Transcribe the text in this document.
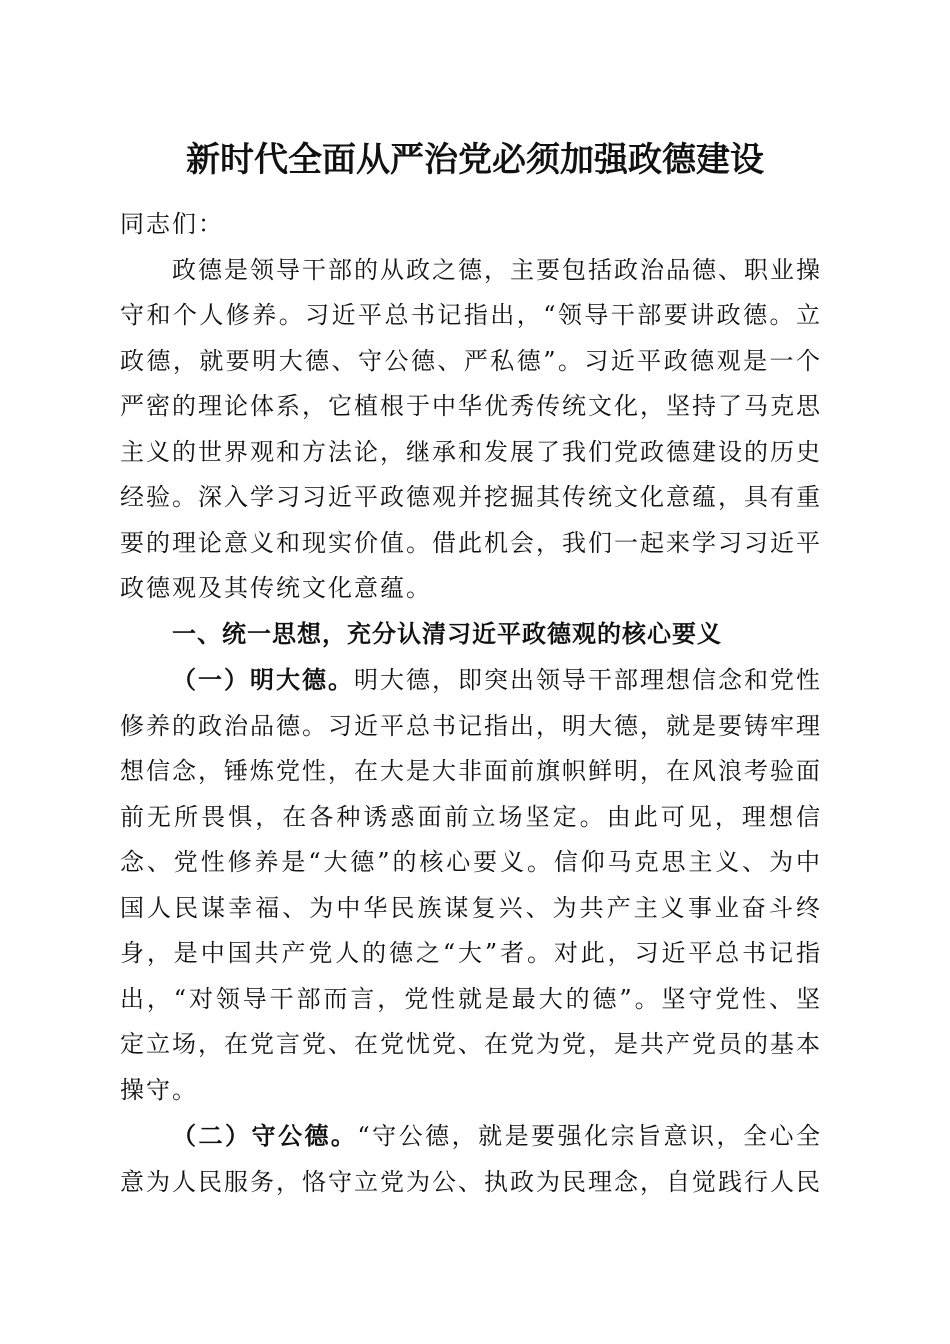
新时代全面从严治党必须加强政德建设

同志们：

政德是领导干部的从政之德，主要包括政治品德、职业操守和个人修养。习近平总书记指出，“领导干部要讲政德。立政德，就要明大德、守公德、严私德”。习近平政德观是一个严密的理论体系，它植根于中华优秀传统文化，坚持了马克思主义的世界观和方法论，继承和发展了我们党政德建设的历史经验。深入学习习近平政德观并挖掘其传统文化意蕴，具有重要的理论意义和现实价值。借此机会，我们一起来学习习近平政德观及其传统文化意蕴。

一、统一思想，充分认清习近平政德观的核心要义

（一）明大德。明大德，即突出领导干部理想信念和党性修养的政治品德。习近平总书记指出，明大德，就是要铸牢理想信念，锤炼党性，在大是大非面前旗帜鲜明，在风浪考验面前无所畏惧，在各种诱惑面前立场坚定。由此可见，理想信念、党性修养是“大德”的核心要义。信仰马克思主义、为中国人民谋幸福、为中华民族谋复兴、为共产主义事业奋斗终身，是中国共产党人的德之“大”者。对此，习近平总书记指出，“对领导干部而言，党性就是最大的德”。坚守党性、坚定立场，在党言党、在党忧党、在党为党，是共产党员的基本操守。

（二）守公德。“守公德，就是要强化宗旨意识，全心全意为人民服务，恪守立党为公、执政为民理念，自觉践行人民
